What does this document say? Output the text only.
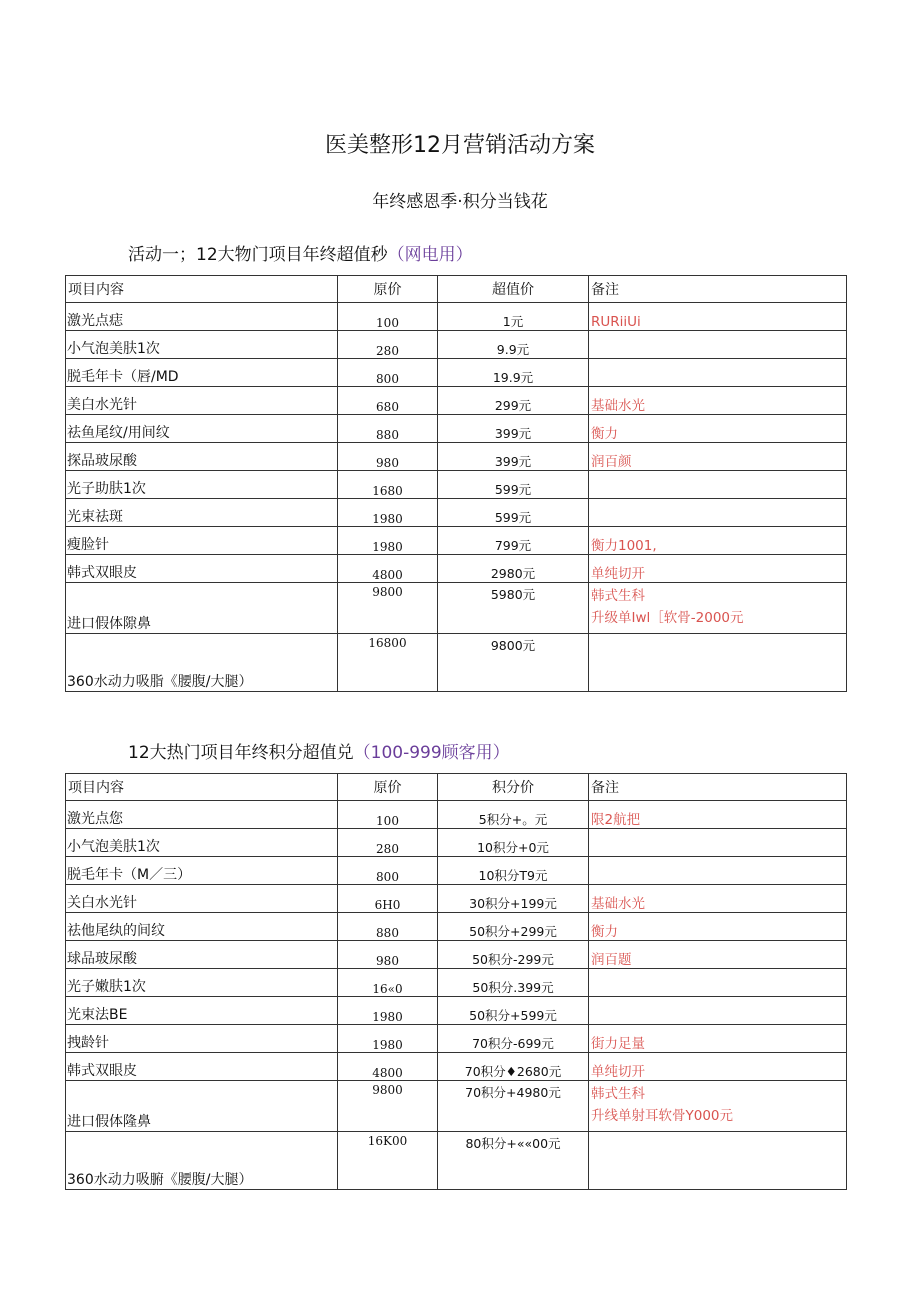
医美整形12月营销活动方案
年终感恩季·积分当钱花
活动一；12大物门项目年终超值秒（网电用）
项目内容	原价	超值价	备注
激光点痣	100	1元	RURiiUi
小气泡美肤1次	280	9.9元	
脱毛年卡（唇/MD	800	19.9元	
美白水光针	680	299元	基础水光
祛鱼尾纹/用间纹	880	399元	衡力
探品玻尿酸	980	399元	润百颜
光子助肤1次	1680	599元	
光束祛斑	1980	599元	
瘦脸针	1980	799元	衡力1001,
韩式双眼皮	4800	2980元	单纯切开
进口假体隙鼻	9800	5980元	韩式生科
升级单Iwl［软骨-2000元

360水动力吸脂《腰腹/大腿）	16800	9800元	
12大热门项目年终积分超值兑（100-999顾客用）
项目内容	原价	积分价	备注
激光点您	100	5积分+。元	限2航把
小气泡美肤1次	280	10积分+0元	
脱毛年卡（M／三）	800	10积分T9元	
关白水光针	6H0	30积分+199元	基础水光
祛他尾纨的间纹	880	50积分+299元	衡力
球品玻尿酸	980	50积分-299元	润百题
光子嫩肤1次	16«0	50积分.399元	
光束法BE	1980	50积分+599元	
拽龄针	1980	70积分-699元	街力足量
韩式双眼皮	4800	70积分♦2680元	单纯切开
进口假体隆鼻	9800	70积分+4980元	韩式生科
升线单射耳软骨Y000元

360水动力吸腑《腰腹/大腿）	16K00	80积分+««00元	
